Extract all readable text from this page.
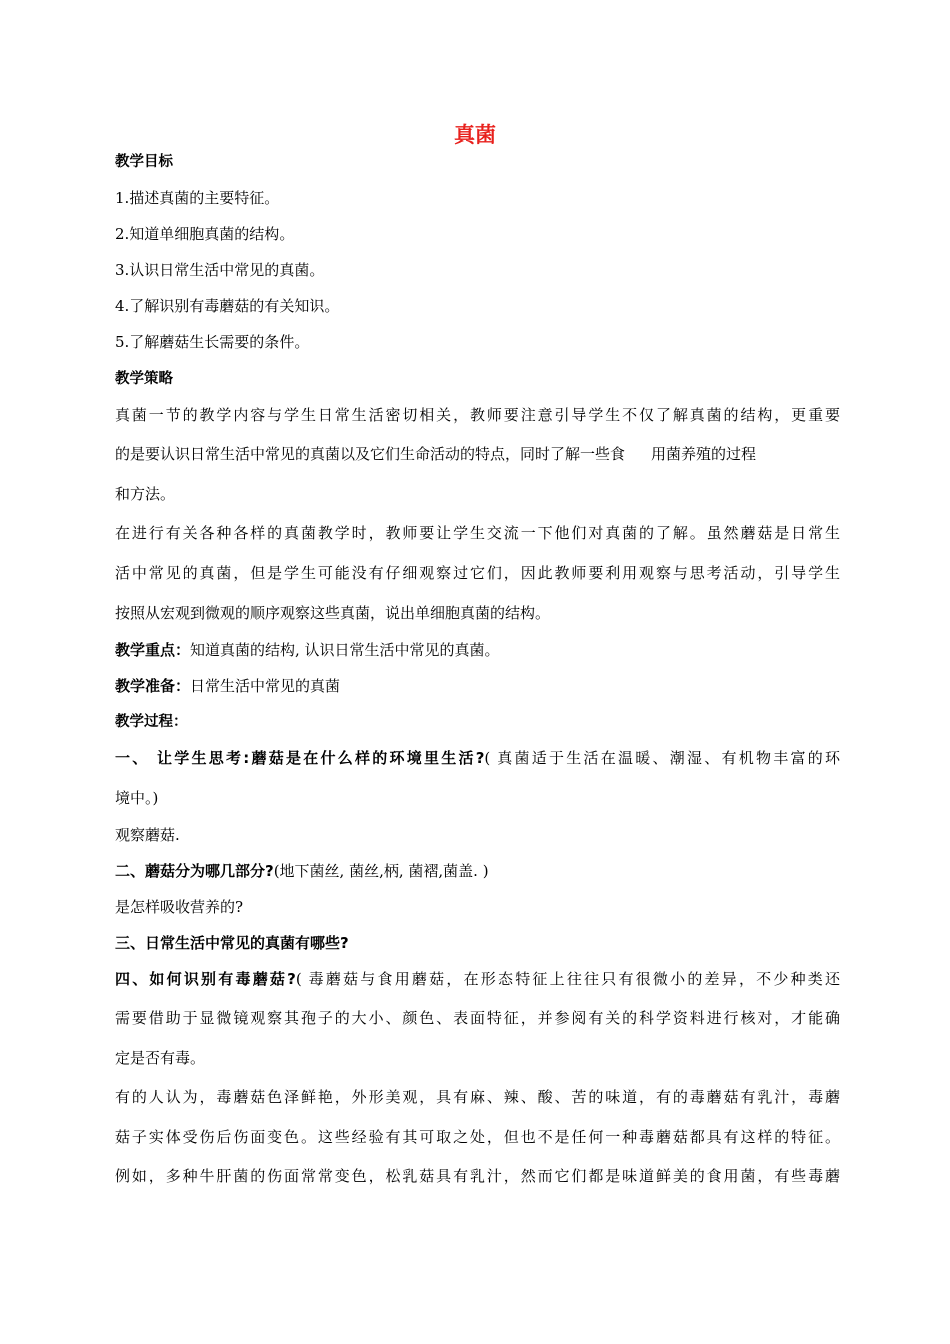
真菌
教学目标
1.描述真菌的主要特征。
2.知道单细胞真菌的结构。
3.认识日常生活中常见的真菌。
4.了解识别有毒蘑菇的有关知识。
5.了解蘑菇生长需要的条件。
教学策略
真菌一节的教学内容与学生日常生活密切相关，教师要注意引导学生不仅了解真菌的结构，更重要
的是要认识日常生活中常见的真菌以及它们生命活动的特点，同时了解一些食 用菌养殖的过程
和方法。
在进行有关各种各样的真菌教学时，教师要让学生交流一下他们对真菌的了解。虽然蘑菇是日常生
活中常见的真菌，但是学生可能没有仔细观察过它们，因此教师要利用观察与思考活动，引导学生
按照从宏观到微观的顺序观察这些真菌，说出单细胞真菌的结构。
教学重点：知道真菌的结构, 认识日常生活中常见的真菌。
教学准备：日常生活中常见的真菌
教学过程：
一、 让学生思考:蘑菇是在什么样的环境里生活?( 真菌适于生活在温暖、潮湿、有机物丰富的环
境中。)
观察蘑菇.
二、蘑菇分为哪几部分?(地下菌丝, 菌丝,柄, 菌褶,菌盖. )
是怎样吸收营养的?
三、日常生活中常见的真菌有哪些?
四、如何识别有毒蘑菇?( 毒蘑菇与食用蘑菇，在形态特征上往往只有很微小的差异，不少种类还
需要借助于显微镜观察其孢子的大小、颜色、表面特征，并参阅有关的科学资料进行核对，才能确
定是否有毒。
有的人认为，毒蘑菇色泽鲜艳，外形美观，具有麻、辣、酸、苦的味道，有的毒蘑菇有乳汁，毒蘑
菇子实体受伤后伤面变色。这些经验有其可取之处，但也不是任何一种毒蘑菇都具有这样的特征。
例如，多种牛肝菌的伤面常常变色，松乳菇具有乳汁，然而它们都是味道鲜美的食用菌，有些毒蘑
